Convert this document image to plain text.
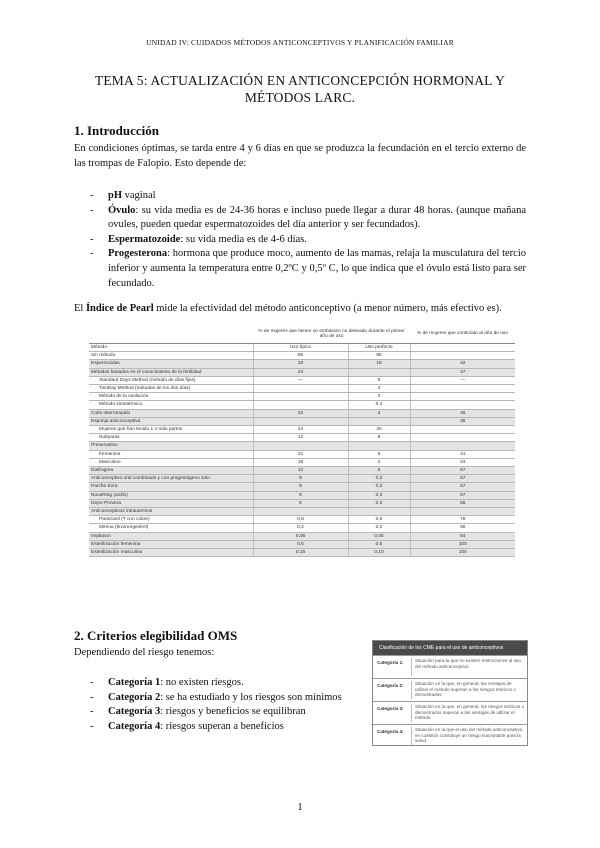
UNIDAD IV: CUIDADOS MÉTODOS ANTICONCEPTIVOS Y PLANIFICACIÓN FAMILIAR
TEMA 5: ACTUALIZACIÓN EN ANTICONCEPCIÓN HORMONAL Y
MÉTODOS LARC.
1. Introducción
En condiciones óptimas, se tarda entre 4 y 6 días en que se produzca la fecundación en el tercio externo de las trompas de Falopio. Esto depende de:
- pH vaginal
- Óvulo: su vida media es de 24-36 horas e incluso puede llegar a durar 48 horas. (aunque mañana ovules, pueden quedar espermatozoides del día anterior y ser fecundados).
- Espermatozoide: su vida media es de 4-6 días.
- Progesterona: hormona que produce moco, aumento de las mamas, relaja la musculatura del tercio inferior y aumenta la temperatura entre 0,2ºC y 0,5º C, lo que indica que el óvulo está listo para ser fecundado.
El Índice de Pearl mide la efectividad del método anticonceptivo (a menor número, más efectivo es).
	% de mujeres que tienen un embarazo no deseado durante el primer año de uso		% de mujeres que continúan al año de uso
Método	Uso típico	Uso perfecto	
Sin método	85	85	
Espermicidas	28	18	42
Métodos basados en el conocimiento de la fertilidad	24		47
Standard Days Method (método de días fijos)	—	5	—
TwoDay Method (métodos de los dos días)		4	
Método de la ovulación		3	
Método sintotérmico		0,4	
Coito interrumpido	22	4	46
Esponja anticonceptiva			36
Mujeres que han tenido 1 o más partos	24	20	
Nulíparas	12	9	
Preservativo			
Femenino	21	5	41
Masculino	18	2	43
Diafragma	12	6	57
Anticonceptivo oral combinado y con progestágeno solo	9	0,3	67
Parche Evra	9	0,3	67
NuvaRing (anillo)	9	0,3	67
Depo-Provera	6	0,2	56
Anticonceptivos intrauterinos			
ParaGard (T con cobre)	0,8	0,6	78
Mirena (levonorgestrel)	0,2	0,2	80
Implanon	0,05	0,05	84
Esterilización femenina	0,5	0,5	100
Esterilización masculina	0,15	0,10	100
2. Criterios elegibilidad OMS
Dependiendo del riesgo tenemos:
- Categoría 1: no existen riesgos.
- Categoría 2: se ha estudiado y los riesgos son mínimos
- Categoría 3: riesgos y beneficios se equilibran
- Categoría 4: riesgos superan a beneficios
Clasificación de los CME para el uso de anticonceptivos
Categoría 1:	Situación para la que no existen restricciones al uso del método anticonceptivo.
Categoría 2:	Situación en la que, en general, las ventajas de utilizar el método superan a los riesgos teóricos o demostrados.
Categoría 3:	Situación en la que, en general, los riesgos teóricos o demostrados superan a las ventajas de utilizar el método.
Categoría 4:	Situación en la que el uso del método anticonceptivo en cuestión constituye un riesgo inaceptable para la salud.
1
